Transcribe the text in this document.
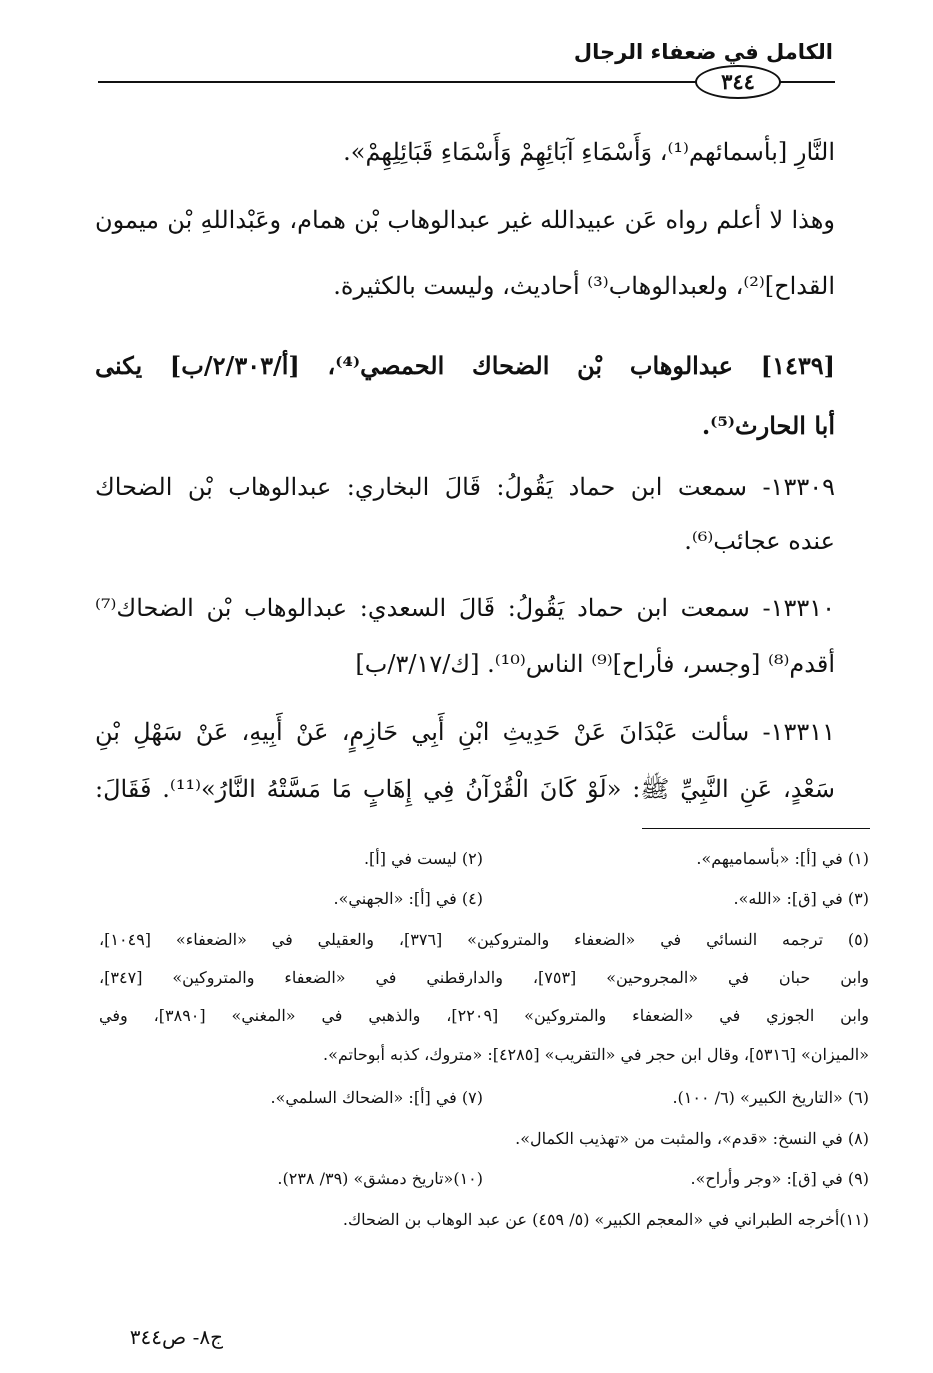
الكامل في ضعفاء الرجال
٣٤٤
النَّارِ [بأسمائهم⁽¹⁾، وَأَسْمَاءِ آبَائِهِمْ وَأَسْمَاءِ قَبَائِلِهِمْ».
وهذا لا أعلم رواه عَن عبيدالله غير عبدالوهاب بْن همام، وعَبْداللهِ بْن ميمون
القداح]⁽²⁾، ولعبدالوهاب⁽³⁾ أحاديث، وليست بالكثيرة.
[١٤٣٩] عبدالوهاب بْن الضحاك الحمصي⁽⁴⁾، [أ/٢/٣٠٣/ب] يكنى
أبا الحارث⁽⁵⁾.
١٣٣٠٩- سمعت ابن حماد يَقُولُ: قَالَ البخاري: عبدالوهاب بْن الضحاك
عنده عجائب⁽⁶⁾.
١٣٣١٠- سمعت ابن حماد يَقُولُ: قَالَ السعدي: عبدالوهاب بْن الضحاك⁽⁷⁾
أقدم⁽⁸⁾ [وجسر، فأراح]⁽⁹⁾ الناس⁽¹⁰⁾. [ك/٣/١٧/ب]
١٣٣١١- سألت عَبْدَانَ عَنْ حَدِيثِ ابْنِ أَبِي حَازِمٍ، عَنْ أَبِيهِ، عَنْ سَهْلِ بْنِ
سَعْدٍ، عَنِ النَّبِيِّ ﷺ: «لَوْ كَانَ الْقُرْآنُ فِي إِهَابٍ مَا مَسَّتْهُ النَّارُ»⁽¹¹⁾. فَقَالَ:
(١) في [أ]: «بأسماميهم».
(٢) ليست في [أ].
(٣) في [ق]: «الله».
(٤) في [أ]: «الجهني».
(٥) ترجمه النسائي في «الضعفاء والمتروكين» [٣٧٦]، والعقيلي في «الضعفاء» [١٠٤٩]،
وابن حبان في «المجروحين» [٧٥٣]، والدارقطني في «الضعفاء والمتروكين» [٣٤٧]،
وابن الجوزي في «الضعفاء والمتروكين» [٢٢٠٩]، والذهبي في «المغني» [٣٨٩٠]، وفي
«الميزان» [٥٣١٦]، وقال ابن حجر في «التقريب» [٤٢٨٥]: «متروك، كذبه أبوحاتم».
(٦) «التاريخ الكبير» (٦/ ١٠٠).
(٧) في [أ]: «الضحاك السلمي».
(٨) في النسخ: «قدم»، والمثبت من «تهذيب الكمال».
(٩) في [ق]: «وجر وأراح».
(١٠)«تاريخ دمشق» (٣٩/ ٢٣٨).
(١١)أخرجه الطبراني في «المعجم الكبير» (٥/ ٤٥٩) عن عبد الوهاب بن الضحاك.
ج٨- ص٣٤٤
